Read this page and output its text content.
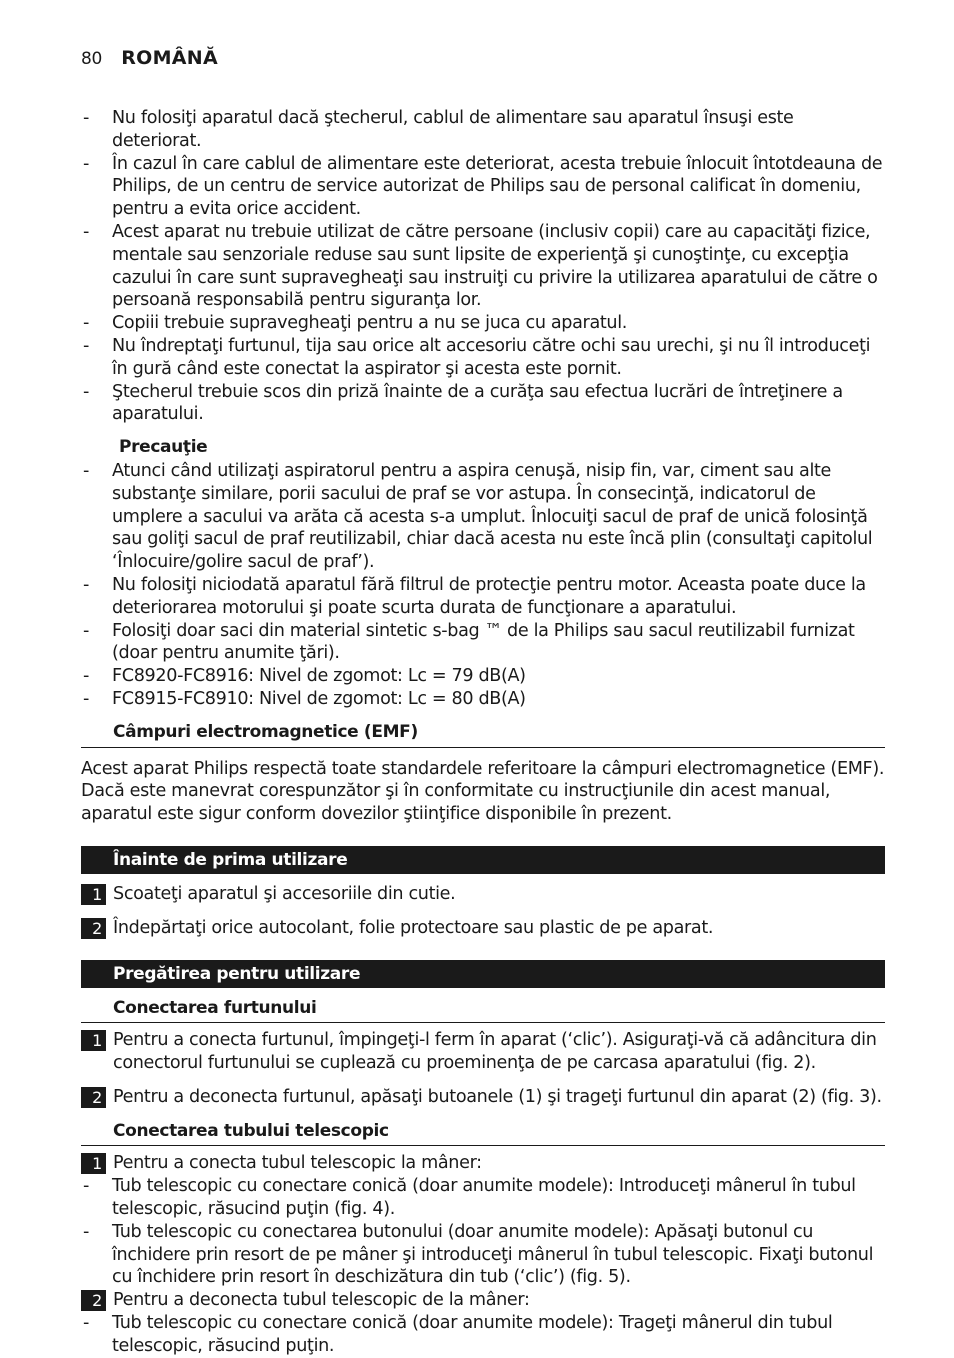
80 ROMÂNĂ
- Nu folosiţi aparatul dacă ştecherul, cablul de alimentare sau aparatul însuşi este deteriorat.
- În cazul în care cablul de alimentare este deteriorat, acesta trebuie înlocuit întotdeauna de Philips, de un centru de service autorizat de Philips sau de personal calificat în domeniu, pentru a evita orice accident.
- Acest aparat nu trebuie utilizat de către persoane (inclusiv copii) care au capacităţi fizice, mentale sau senzoriale reduse sau sunt lipsite de experienţă şi cunoştinţe, cu excepţia cazului în care sunt supravegheaţi sau instruiţi cu privire la utilizarea aparatului de către o persoană responsabilă pentru siguranţa lor.
- Copiii trebuie supravegheaţi pentru a nu se juca cu aparatul.
- Nu îndreptaţi furtunul, tija sau orice alt accesoriu către ochi sau urechi, şi nu îl introduceţi în gură când este conectat la aspirator şi acesta este pornit.
- Ştecherul trebuie scos din priză înainte de a curăţa sau efectua lucrări de întreţinere a aparatului.
Precauţie
- Atunci când utilizaţi aspiratorul pentru a aspira cenuşă, nisip fin, var, ciment sau alte substanţe similare, porii sacului de praf se vor astupa. În consecinţă, indicatorul de umplere a sacului va arăta că acesta s-a umplut. Înlocuiţi sacul de praf de unică folosinţă sau goliţi sacul de praf reutilizabil, chiar dacă acesta nu este încă plin (consultaţi capitolul ‘Înlocuire/golire sacul de praf’).
- Nu folosiţi niciodată aparatul fără filtrul de protecţie pentru motor. Aceasta poate duce la deteriorarea motorului şi poate scurta durata de funcţionare a aparatului.
- Folosiţi doar saci din material sintetic s-bag ™ de la Philips sau sacul reutilizabil furnizat (doar pentru anumite ţări).
- FC8920-FC8916: Nivel de zgomot: Lc = 79 dB(A)
- FC8915-FC8910: Nivel de zgomot: Lc = 80 dB(A)
Câmpuri electromagnetice (EMF)
Acest aparat Philips respectă toate standardele referitoare la câmpuri electromagnetice (EMF). Dacă este manevrat corespunzător şi în conformitate cu instrucţiunile din acest manual, aparatul este sigur conform dovezilor ştiinţifice disponibile în prezent.
Înainte de prima utilizare
1 Scoateţi aparatul şi accesoriile din cutie.
2 Îndepărtaţi orice autocolant, folie protectoare sau plastic de pe aparat.
Pregătirea pentru utilizare
Conectarea furtunului
1 Pentru a conecta furtunul, împingeţi-l ferm în aparat (‘clic’). Asiguraţi-vă că adâncitura din conectorul furtunului se cuplează cu proeminenţa de pe carcasa aparatului (fig. 2).
2 Pentru a deconecta furtunul, apăsaţi butoanele (1) şi trageţi furtunul din aparat (2) (fig. 3).
Conectarea tubului telescopic
1 Pentru a conecta tubul telescopic la mâner:
- Tub telescopic cu conectare conică (doar anumite modele): Introduceţi mânerul în tubul telescopic, răsucind puţin (fig. 4).
- Tub telescopic cu conectarea butonului (doar anumite modele): Apăsaţi butonul cu închidere prin resort de pe mâner şi introduceţi mânerul în tubul telescopic. Fixaţi butonul cu închidere prin resort în deschizătura din tub (‘clic’) (fig. 5).
2 Pentru a deconecta tubul telescopic de la mâner:
- Tub telescopic cu conectare conică (doar anumite modele): Trageţi mânerul din tubul telescopic, răsucind puţin.
